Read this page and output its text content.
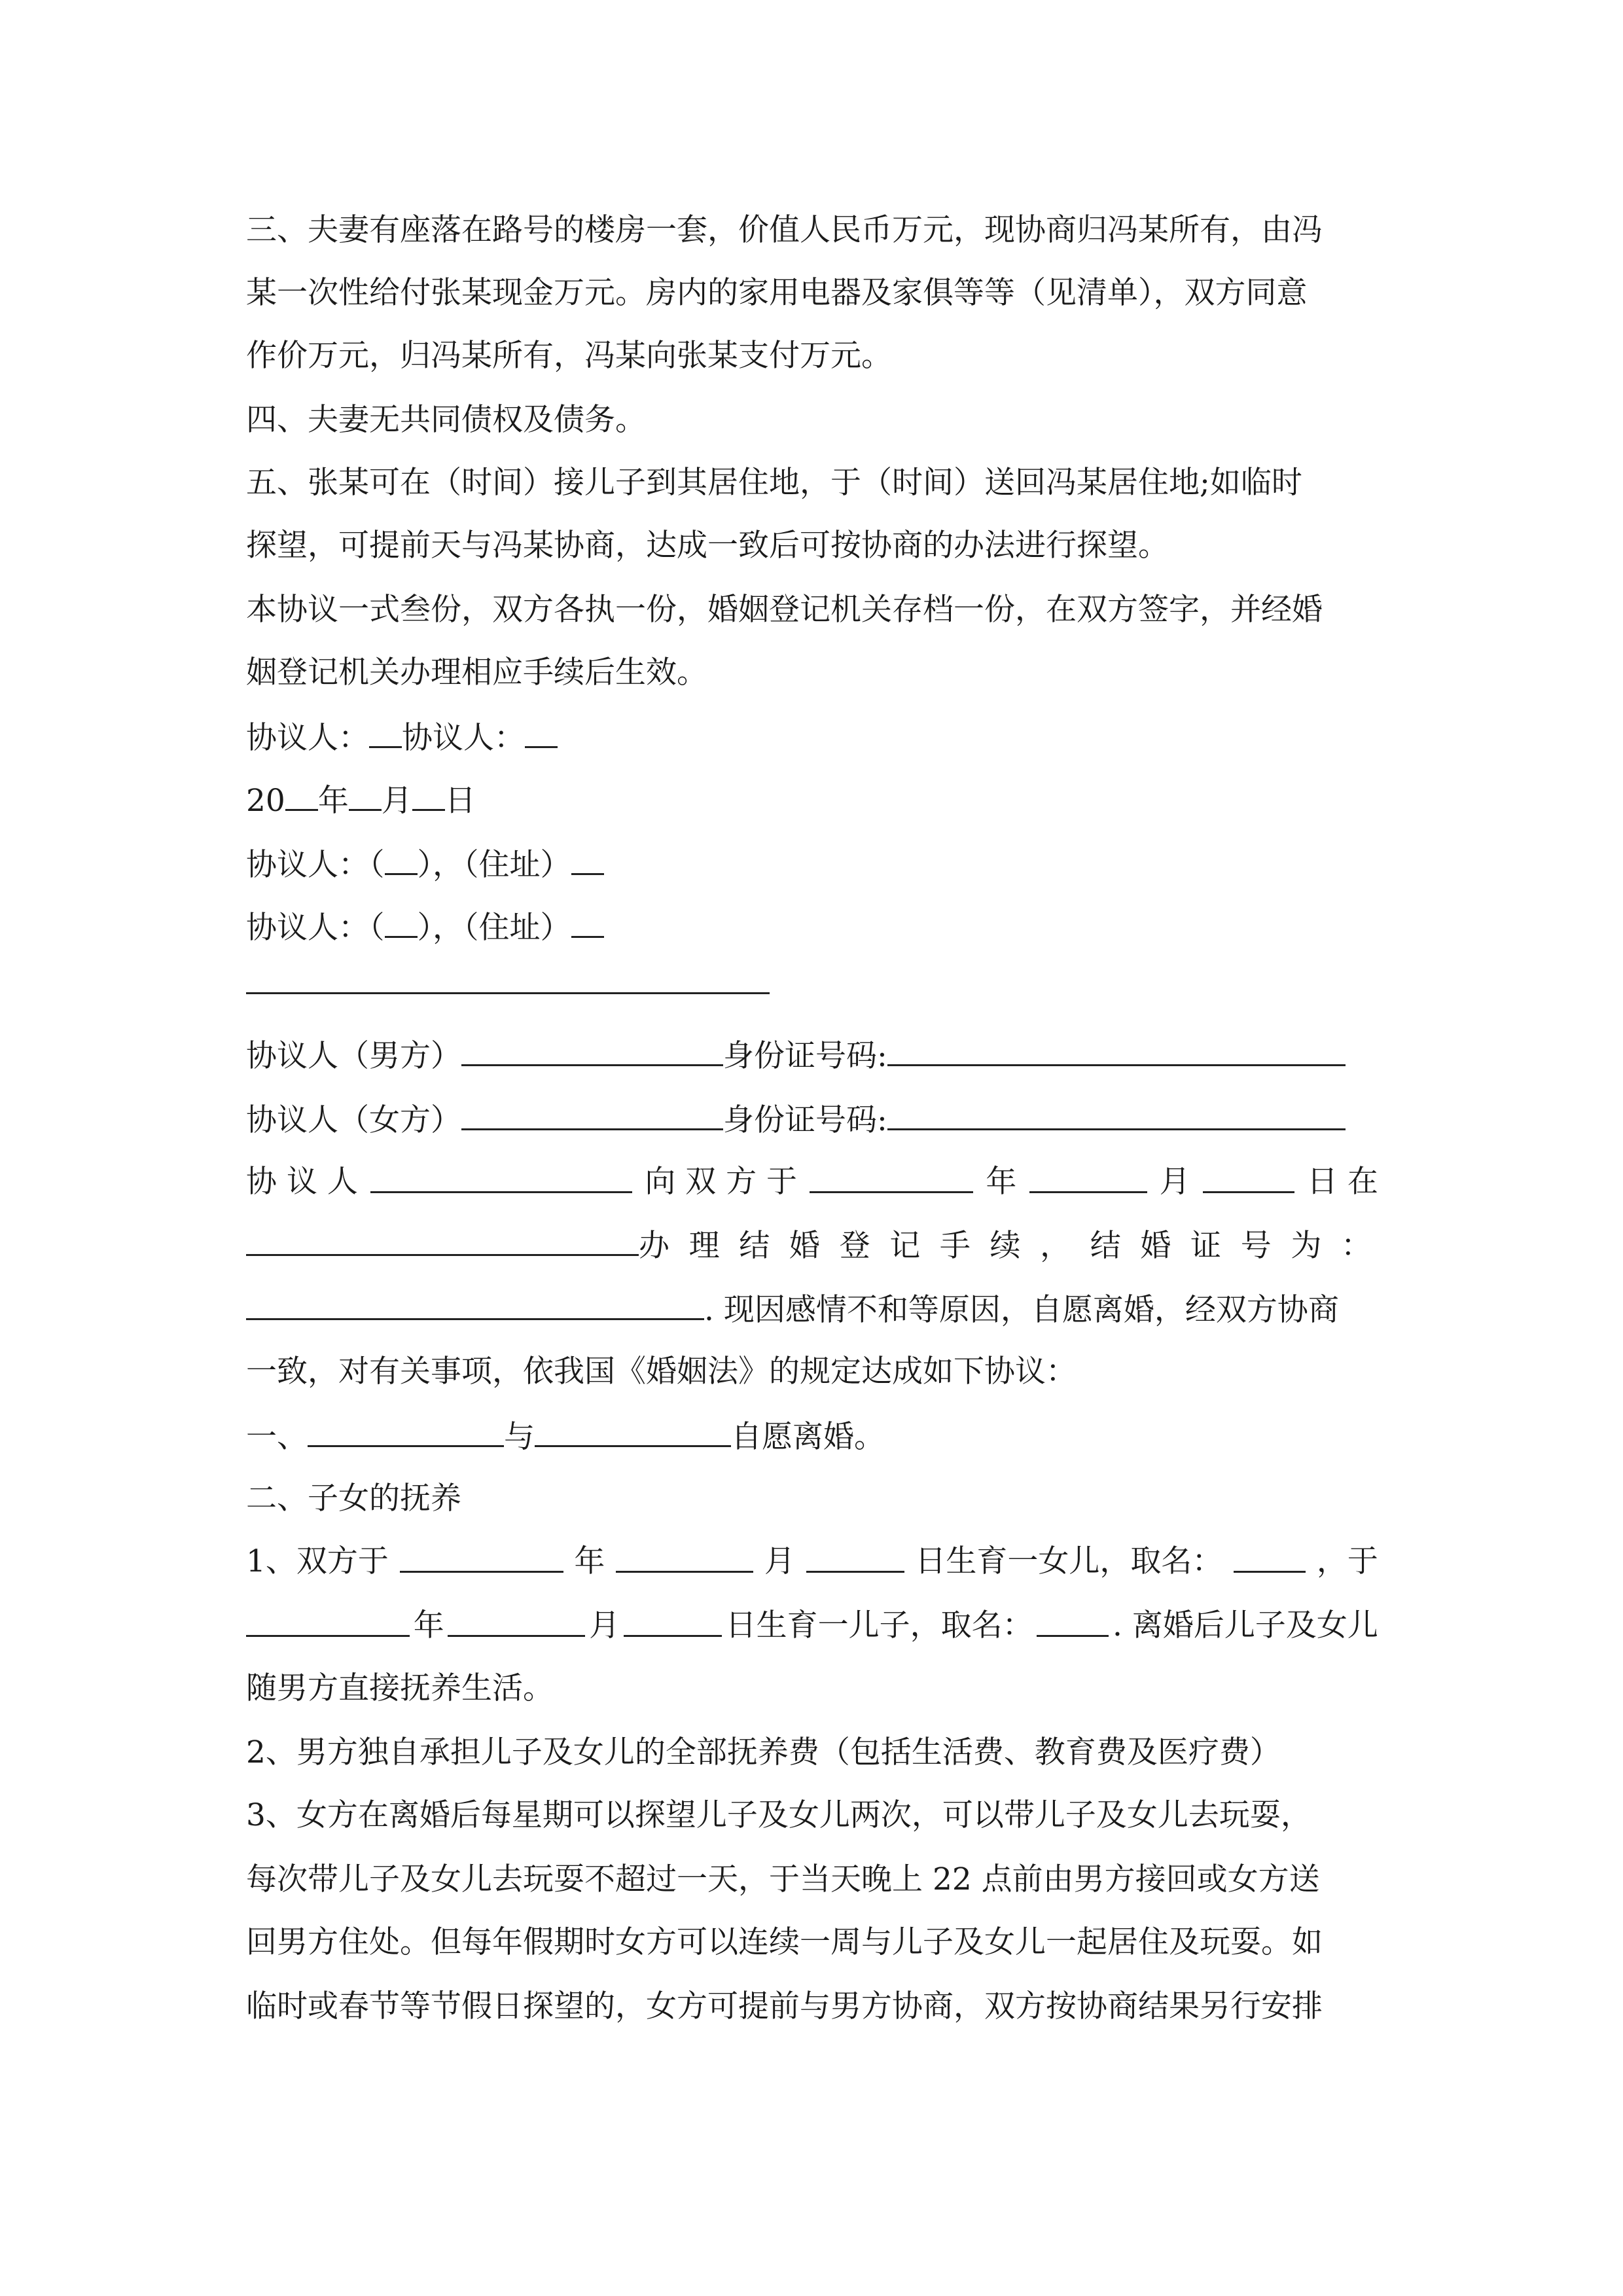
三、夫妻有座落在路号的楼房一套，价值人民币万元，现协商归冯某所有，由冯
某一次性给付张某现金万元。房内的家用电器及家俱等等（见清单），双方同意
作价万元，归冯某所有，冯某向张某支付万元。
四、夫妻无共同债权及债务。
五、张某可在（时间）接儿子到其居住地，于（时间）送回冯某居住地;如临时
探望，可提前天与冯某协商，达成一致后可按协商的办法进行探望。
本协议一式叁份，双方各执一份，婚姻登记机关存档一份，在双方签字，并经婚
姻登记机关办理相应手续后生效。
协议人： 协议人：
20 年 月 日
协议人：（ ），（住址）
协议人：（ ），（住址）
协议人（男方）	身份证号码:
协议人（女方）	身份证号码:
协 议 人	向 双 方 于	年	月	日 在
办 理 结 婚 登 记 手 续 ， 结 婚 证 号 为 ：
. 现因感情不和等原因，自愿离婚，经双方协商
一致，对有关事项，依我国《婚姻法》的规定达成如下协议：
一、	与	自愿离婚。
二、子女的抚养
1、双方于	年	月	日生育一女儿，取名：	，于
年	月	日生育一儿子，取名：	. 离婚后儿子及女儿
随男方直接抚养生活。
2、男方独自承担儿子及女儿的全部抚养费（包括生活费、教育费及医疗费）
3、女方在离婚后每星期可以探望儿子及女儿两次，可以带儿子及女儿去玩耍，
每次带儿子及女儿去玩耍不超过一天，于当天晚上 22 点前由男方接回或女方送
回男方住处。但每年假期时女方可以连续一周与儿子及女儿一起居住及玩耍。如
临时或春节等节假日探望的，女方可提前与男方协商，双方按协商结果另行安排
